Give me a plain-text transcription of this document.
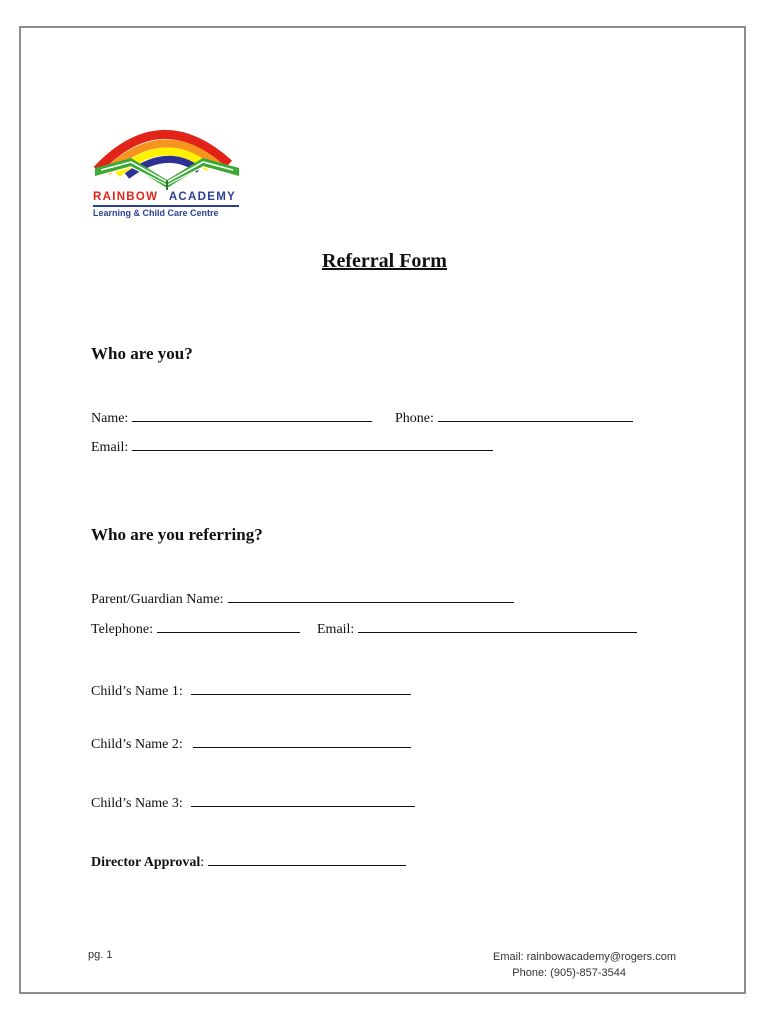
RAINBOW ACADEMY
Learning & Child Care Centre
Referral Form
Who are you?
Name:	Phone:
Email:
Who are you referring?
Parent/Guardian Name:
Telephone:	Email:
Child’s Name 1:
Child’s Name 2:
Child’s Name 3:
Director Approval:
pg. 1	Email: rainbowacademy@rogers.com
Phone: (905)-857-3544
